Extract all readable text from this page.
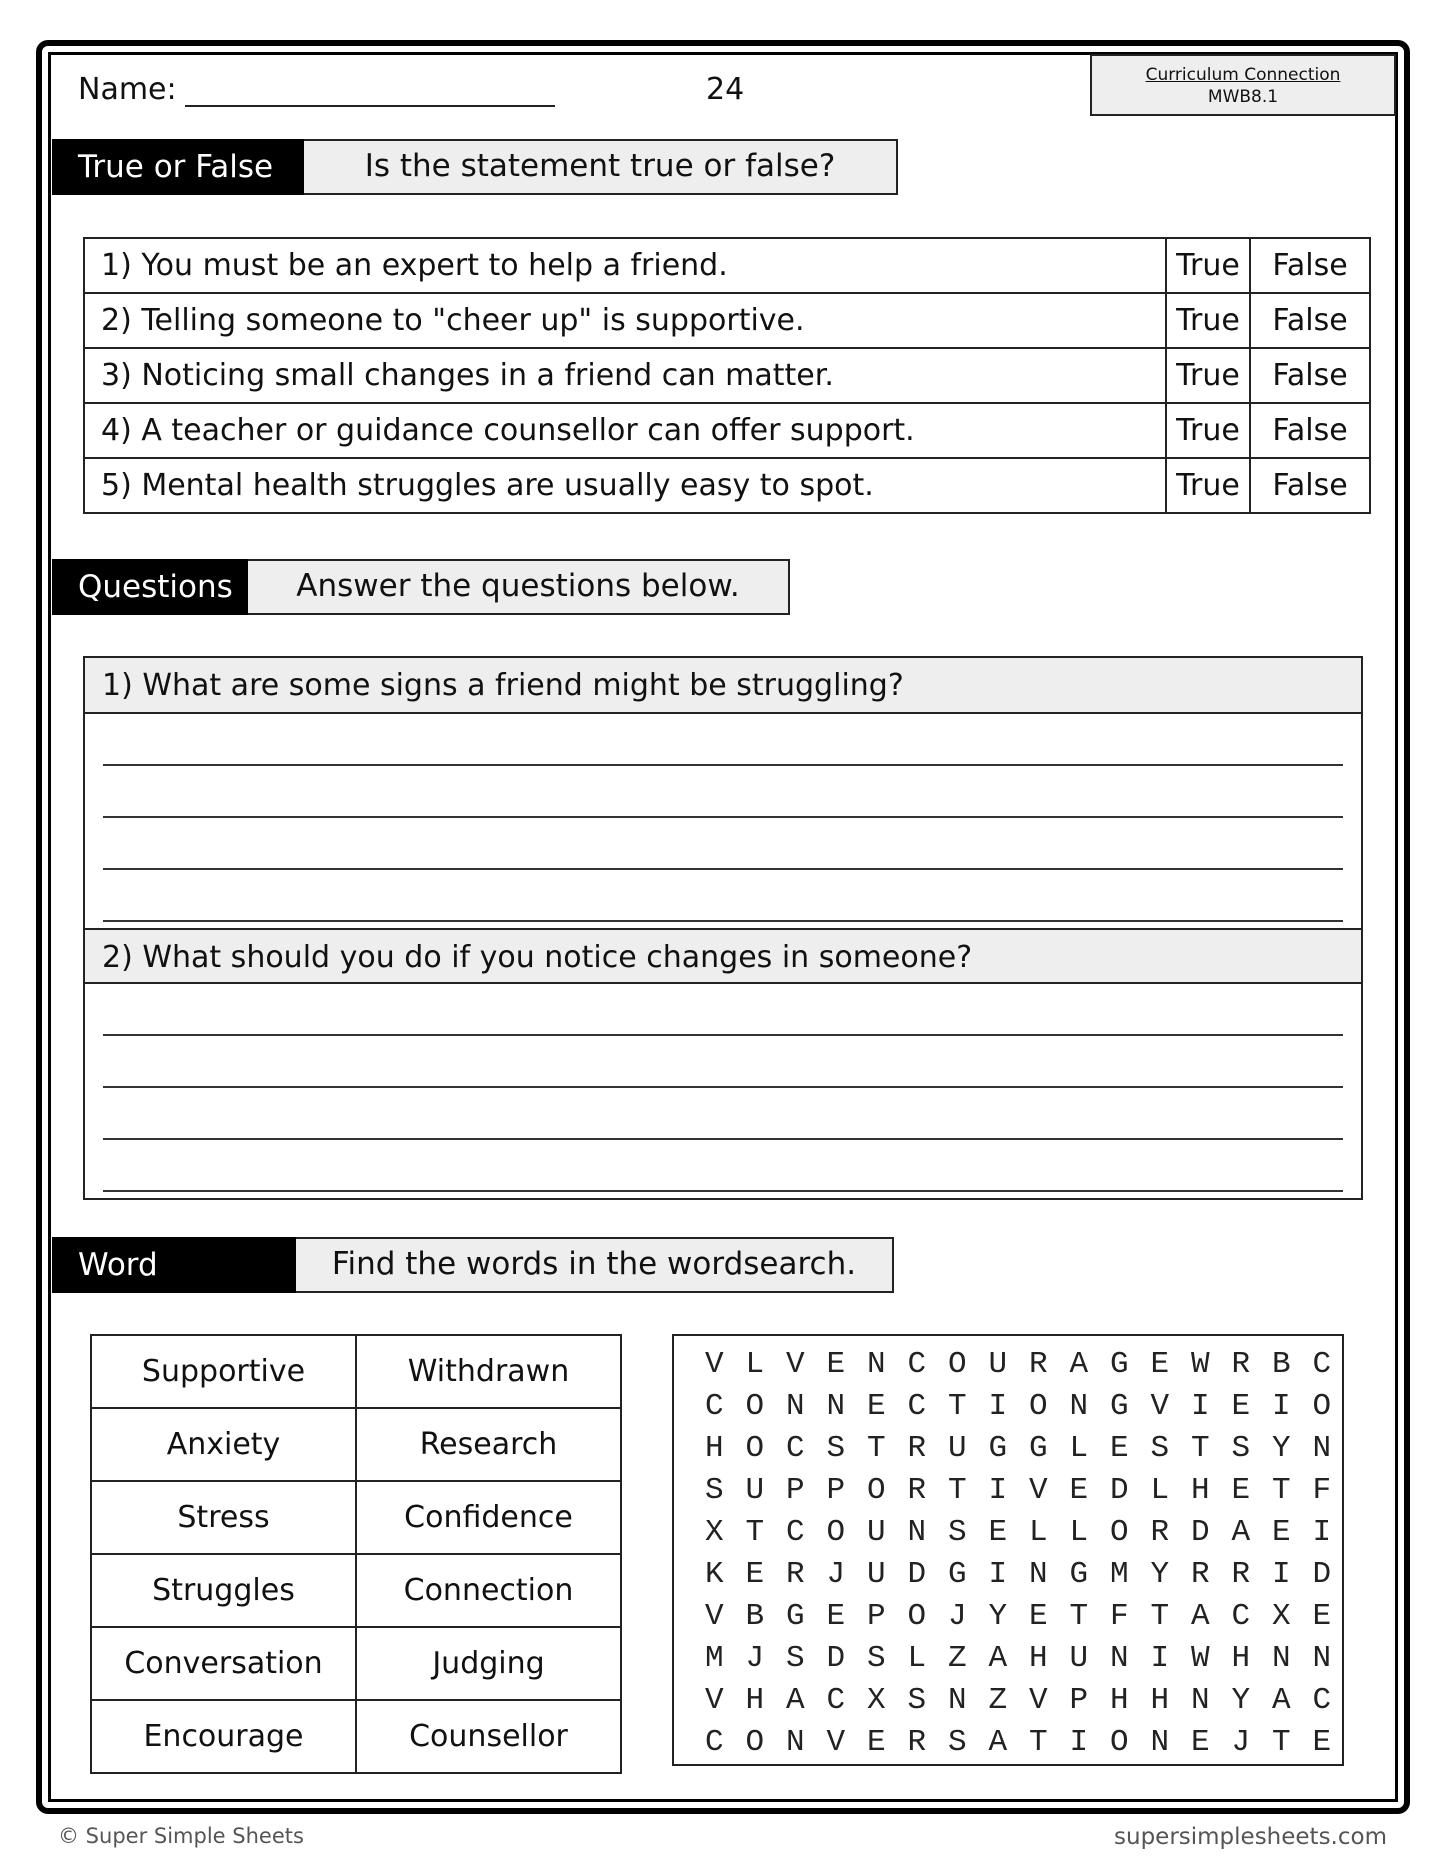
Name:	24	Curriculum Connection
MWB8.1
True or False	Is the statement true or false?
1) You must be an expert to help a friend.	True	False
2) Telling someone to "cheer up" is supportive.	True	False
3) Noticing small changes in a friend can matter.	True	False
4) A teacher or guidance counsellor can offer support.	True	False
5) Mental health struggles are usually easy to spot.	True	False
Questions	Answer the questions below.
1) What are some signs a friend might be struggling?
2) What should you do if you notice changes in someone?
Word Search
Find the words in the wordsearch.
Supportive	Withdrawn
Anxiety	Research
Stress	Confidence
Struggles	Connection
Conversation	Judging
Encourage	Counsellor
V L V E N C O U R A G E W R B C
C O N N E C T I O N G V I E I O
H O C S T R U G G L E S T S Y N
S U P P O R T I V E D L H E T F
X T C O U N S E L L O R D A E I
K E R J U D G I N G M Y R R I D
V B G E P O J Y E T F T A C X E
M J S D S L Z A H U N I W H N N
V H A C X S N Z V P H H N Y A C
C O N V E R S A T I O N E J T E
© Super Simple Sheets	supersimplesheets.com
